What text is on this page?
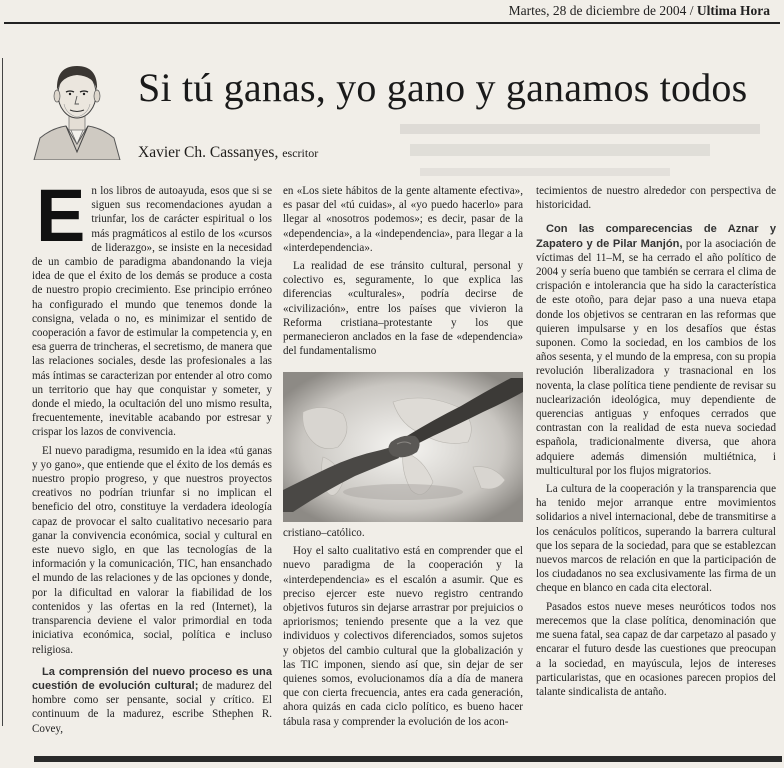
Martes, 28 de diciembre de 2004 / Ultima Hora
Si tú ganas, yo gano y ganamos todos
Xavier Ch. Cassanyes, escritor

En los libros de autoayuda, esos que si se siguen sus recomendaciones ayudan a triunfar, los de carácter espiritual o los más pragmáticos al estilo de los «cursos de liderazgo», se insiste en la necesidad de un cambio de paradigma abandonando la vieja idea de que el éxito de los demás se produce a costa de nuestro propio crecimiento. Ese principio erróneo ha configurado el mundo que tenemos donde la consigna, velada o no, es minimizar el sentido de cooperación a favor de estimular la competencia y, en esa guerra de trincheras, el secretismo, de manera que las relaciones sociales, desde las profesionales a las más íntimas se caracterizan por entender al otro como un territorio que hay que conquistar y someter, y donde el miedo, la ocultación del uno mismo resulta, frecuentemente, inevitable acabando por estresar y crispar los lazos de convivencia.

El nuevo paradigma, resumido en la idea «tú ganas y yo gano», que entiende que el éxito de los demás es nuestro propio progreso, y que nuestros proyectos creativos no podrían triunfar si no implican el beneficio del otro, constituye la verdadera ideología capaz de provocar el salto cualitativo necesario para ganar la convivencia económica, social y cultural en este nuevo siglo, en que las tecnologías de la información y la comunicación, TIC, han ensanchado el mundo de las relaciones y de las opciones y donde, por la dificultad en valorar la fiabilidad de los contenidos y las ofertas en la red (Internet), la transparencia deviene el valor primordial en toda iniciativa económica, social, política e incluso religiosa.

La comprensión del nuevo proceso es una cuestión de evolución cultural; de madurez del hombre como ser pensante, social y crítico. El continuum de la madurez, escribe Sthephen R. Covey,

en «Los siete hábitos de la gente altamente efectiva», es pasar del «tú cuidas», al «yo puedo hacerlo» para llegar al «nosotros podemos»; es decir, pasar de la «dependencia», a la «independencia», para llegar a la «interdependencia».

La realidad de ese tránsito cultural, personal y colectivo es, seguramente, lo que explica las diferencias «culturales», podría decirse de «civilización», entre los países que vivieron la Reforma cristiana–protestante y los que permanecieron anclados en la fase de «dependencia» del fundamentalismo

cristiano–católico.

Hoy el salto cualitativo está en comprender que el nuevo paradigma de la cooperación y la «interdependencia» es el escalón a asumir. Que es preciso ejercer este nuevo registro centrando objetivos futuros sin dejarse arrastrar por prejuicios o apriorismos; teniendo presente que a la vez que individuos y colectivos diferenciados, somos sujetos y objetos del cambio cultural que la globalización y las TIC imponen, siendo así que, sin dejar de ser quienes somos, evolucionamos día a día de manera que con cierta frecuencia, antes era cada generación, ahora quizás en cada ciclo político, es bueno hacer tábula rasa y comprender la evolución de los acon-

tecimientos de nuestro alrededor con perspectiva de historicidad.

Con las comparecencias de Aznar y Zapatero y de Pilar Manjón, por la asociación de víctimas del 11–M, se ha cerrado el año político de 2004 y sería bueno que también se cerrara el clima de crispación e intolerancia que ha sido la característica de este otoño, para dejar paso a una nueva etapa donde los objetivos se centraran en las reformas que quieren impulsarse y en los desafíos que éstas suponen. Como la sociedad, en los cambios de los años sesenta, y el mundo de la empresa, con su propia revolución liberalizadora y trasnacional en los noventa, la clase política tiene pendiente de revisar su nuclearización ideológica, muy dependiente de querencias antiguas y enfoques cerrados que contrastan con la realidad de esta nueva sociedad española, tradicionalmente diversa, que ahora adquiere además dimensión multiétnica, i multicultural por los flujos migratorios.

La cultura de la cooperación y la transparencia que ha tenido mejor arranque entre movimientos solidarios a nivel internacional, debe de transmitirse a los cenáculos políticos, superando la barrera cultural que los separa de la sociedad, para que se establezcan nuevos marcos de relación en que la participación de los ciudadanos no sea exclusivamente las firma de un cheque en blanco en cada cita electoral.

Pasados estos nueve meses neuróticos todos nos merecemos que la clase política, denominación que me suena fatal, sea capaz de dar carpetazo al pasado y encarar el futuro desde las cuestiones que preocupan a la sociedad, en mayúscula, lejos de intereses particularistas, que en ocasiones parecen propios del talante sindicalista de antaño.
